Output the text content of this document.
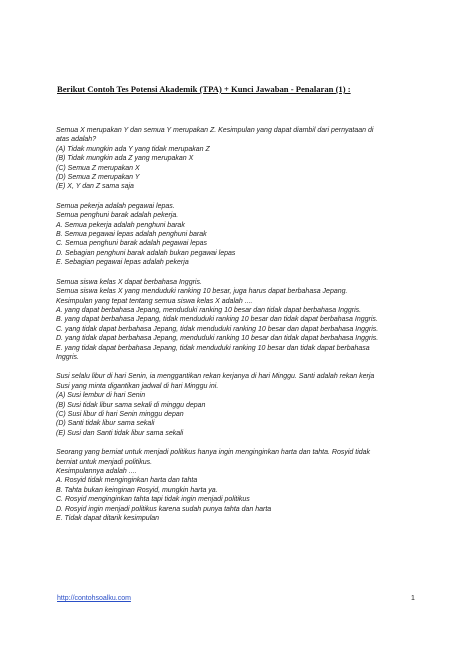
Berikut Contoh Tes Potensi Akademik (TPA) + Kunci Jawaban - Penalaran (1) :
Semua X merupakan Y dan semua Y merupakan Z. Kesimpulan yang dapat diambil dari pernyataan di
atas adalah?
(A) Tidak mungkin ada Y yang tidak merupakan Z
(B) Tidak mungkin ada Z yang merupakan X
(C) Semua Z merupakan X
(D) Semua Z merupakan Y
(E) X, Y dan Z sama saja
Semua pekerja adalah pegawai lepas.
Semua penghuni barak adalah pekerja.
A. Semua pekerja adalah penghuni barak
B. Semua pegawai lepas adalah penghuni barak
C. Semua penghuni barak adalah pegawai lepas
D. Sebagian penghuni barak adalah bukan pegawai lepas
E. Sebagian pegawai lepas adalah pekerja
Semua siswa kelas X dapat berbahasa Inggris.
Semua siswa kelas X yang menduduki ranking 10 besar, juga harus dapat berbahasa Jepang.
Kesimpulan yang tepat tentang semua siswa kelas X adalah ....
A. yang dapat berbahasa Jepang, menduduki ranking 10 besar dan tidak dapat berbahasa Inggris.
B. yang dapat berbahasa Jepang, tidak menduduki ranking 10 besar dan tidak dapat berbahasa Inggris.
C. yang tidak dapat berbahasa Jepang, tidak menduduki ranking 10 besar dan dapat berbahasa Inggris.
D. yang tidak dapat berbahasa Jepang, menduduki ranking 10 besar dan tidak dapat berbahasa Inggris.
E. yang tidak dapat berbahasa Jepang, tidak menduduki ranking 10 besar dan tidak dapat berbahasa
Inggris.
Susi selalu libur di hari Senin, ia menggantikan rekan kerjanya di hari Minggu. Santi adalah rekan kerja
Susi yang minta digantikan jadwal di hari Minggu ini.
(A) Susi lembur di hari Senin
(B) Susi tidak libur sama sekali di minggu depan
(C) Susi libur di hari Senin minggu depan
(D) Santi tidak libur sama sekali
(E) Susi dan Santi tidak libur sama sekali
Seorang yang berniat untuk menjadi politikus hanya ingin menginginkan harta dan tahta. Rosyid tidak
berniat untuk menjadi politikus.
Kesimpulannya adalah ....
A. Rosyid tidak menginginkan harta dan tahta
B. Tahta bukan keinginan Rosyid, mungkin harta ya.
C. Rosyid menginginkan tahta tapi tidak ingin menjadi politikus
D. Rosyid ingin menjadi politikus karena sudah punya tahta dan harta
E. Tidak dapat ditarik kesimpulan
http://contohsoalku.com	1
